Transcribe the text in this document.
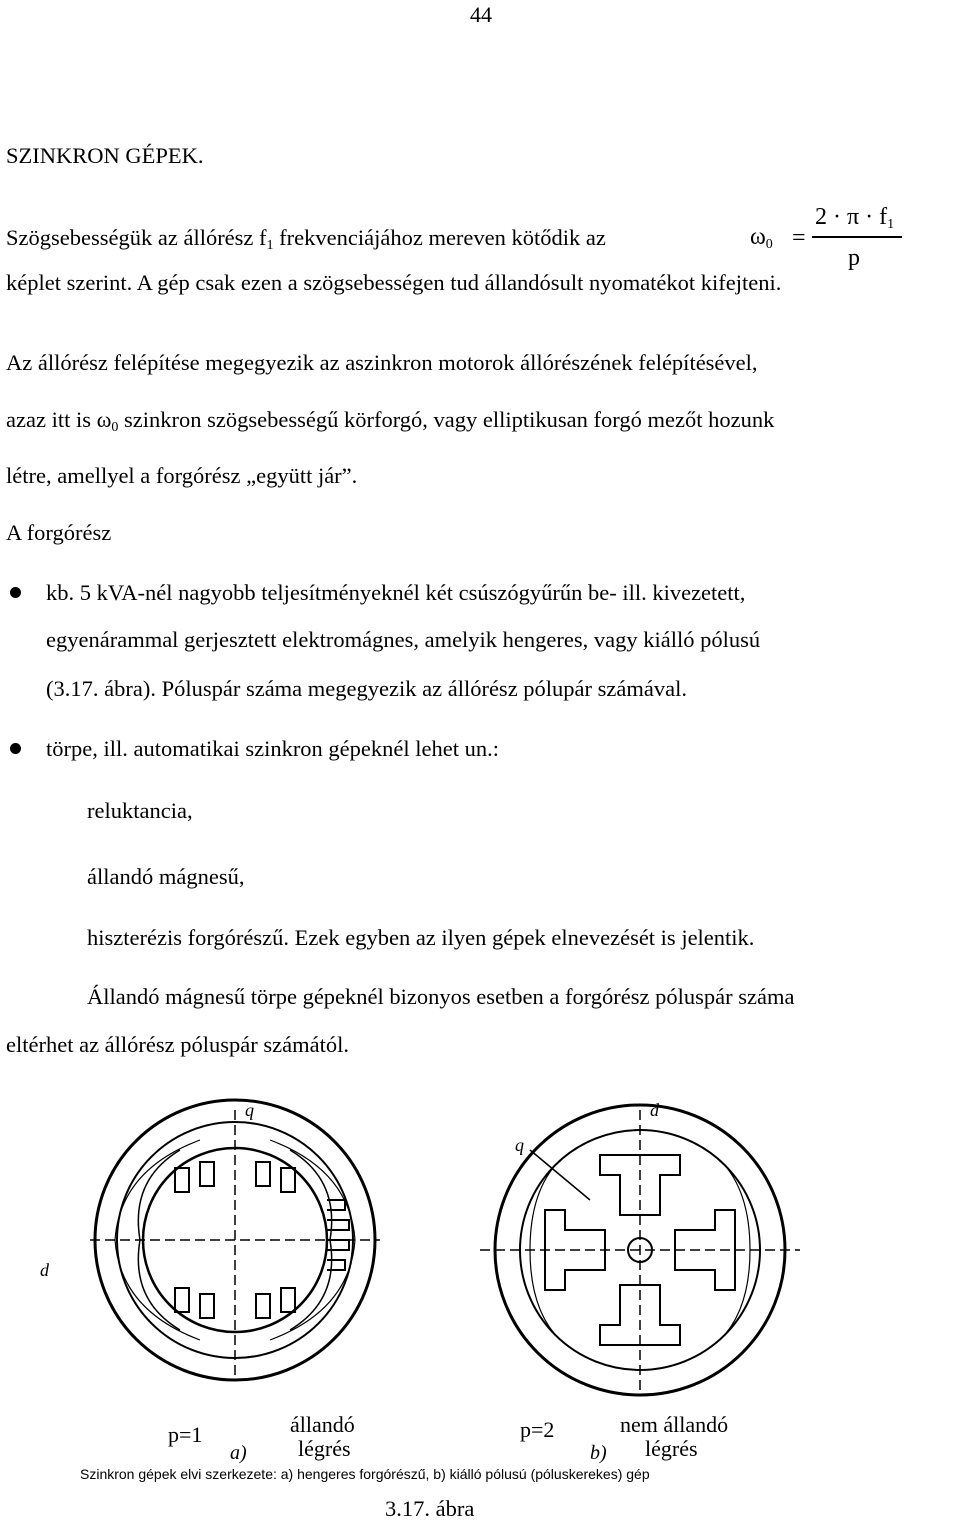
44
SZINKRON GÉPEK.
Szögsebességük az állórész $f_1$ frekvenciájához mereven kötődik az	$\omega_0$ =
$2 \cdot \pi \cdot f_1$
p
képlet szerint. A gép csak ezen a szögsebességen tud állandósult nyomatékot kifejteni.
Az állórész felépítése megegyezik az aszinkron motorok állórészének felépítésével,
azaz itt is $\omega_0$ szinkron szögsebességű körforgó, vagy elliptikusan forgó mezőt hozunk
létre, amellyel a forgórész „együtt jár”.
A forgórész
kb. 5 kVA-nél nagyobb teljesítményeknél két csúszógyűrűn be- ill. kivezetett,
egyenárammal gerjesztett elektromágnes, amelyik hengeres, vagy kiálló pólusú
(3.17. ábra). Póluspár száma megegyezik az állórész pólupár számával.
törpe, ill. automatikai szinkron gépeknél lehet un.:
reluktancia,
állandó mágnesű,
hiszterézis forgórészű. Ezek egyben az ilyen gépek elnevezését is jelentik.
Állandó mágnesű törpe gépeknél bizonyos esetben a forgórész póluspár száma
eltérhet az állórész póluspár számától.
q
d
d
q
p=1
a)
állandó
légrés
p=2
b)
nem állandó
légrés
Szinkron gépek elvi szerkezete: a) hengeres forgórészű, b) kiálló pólusú (póluskerekes) gép
3.17. ábra
